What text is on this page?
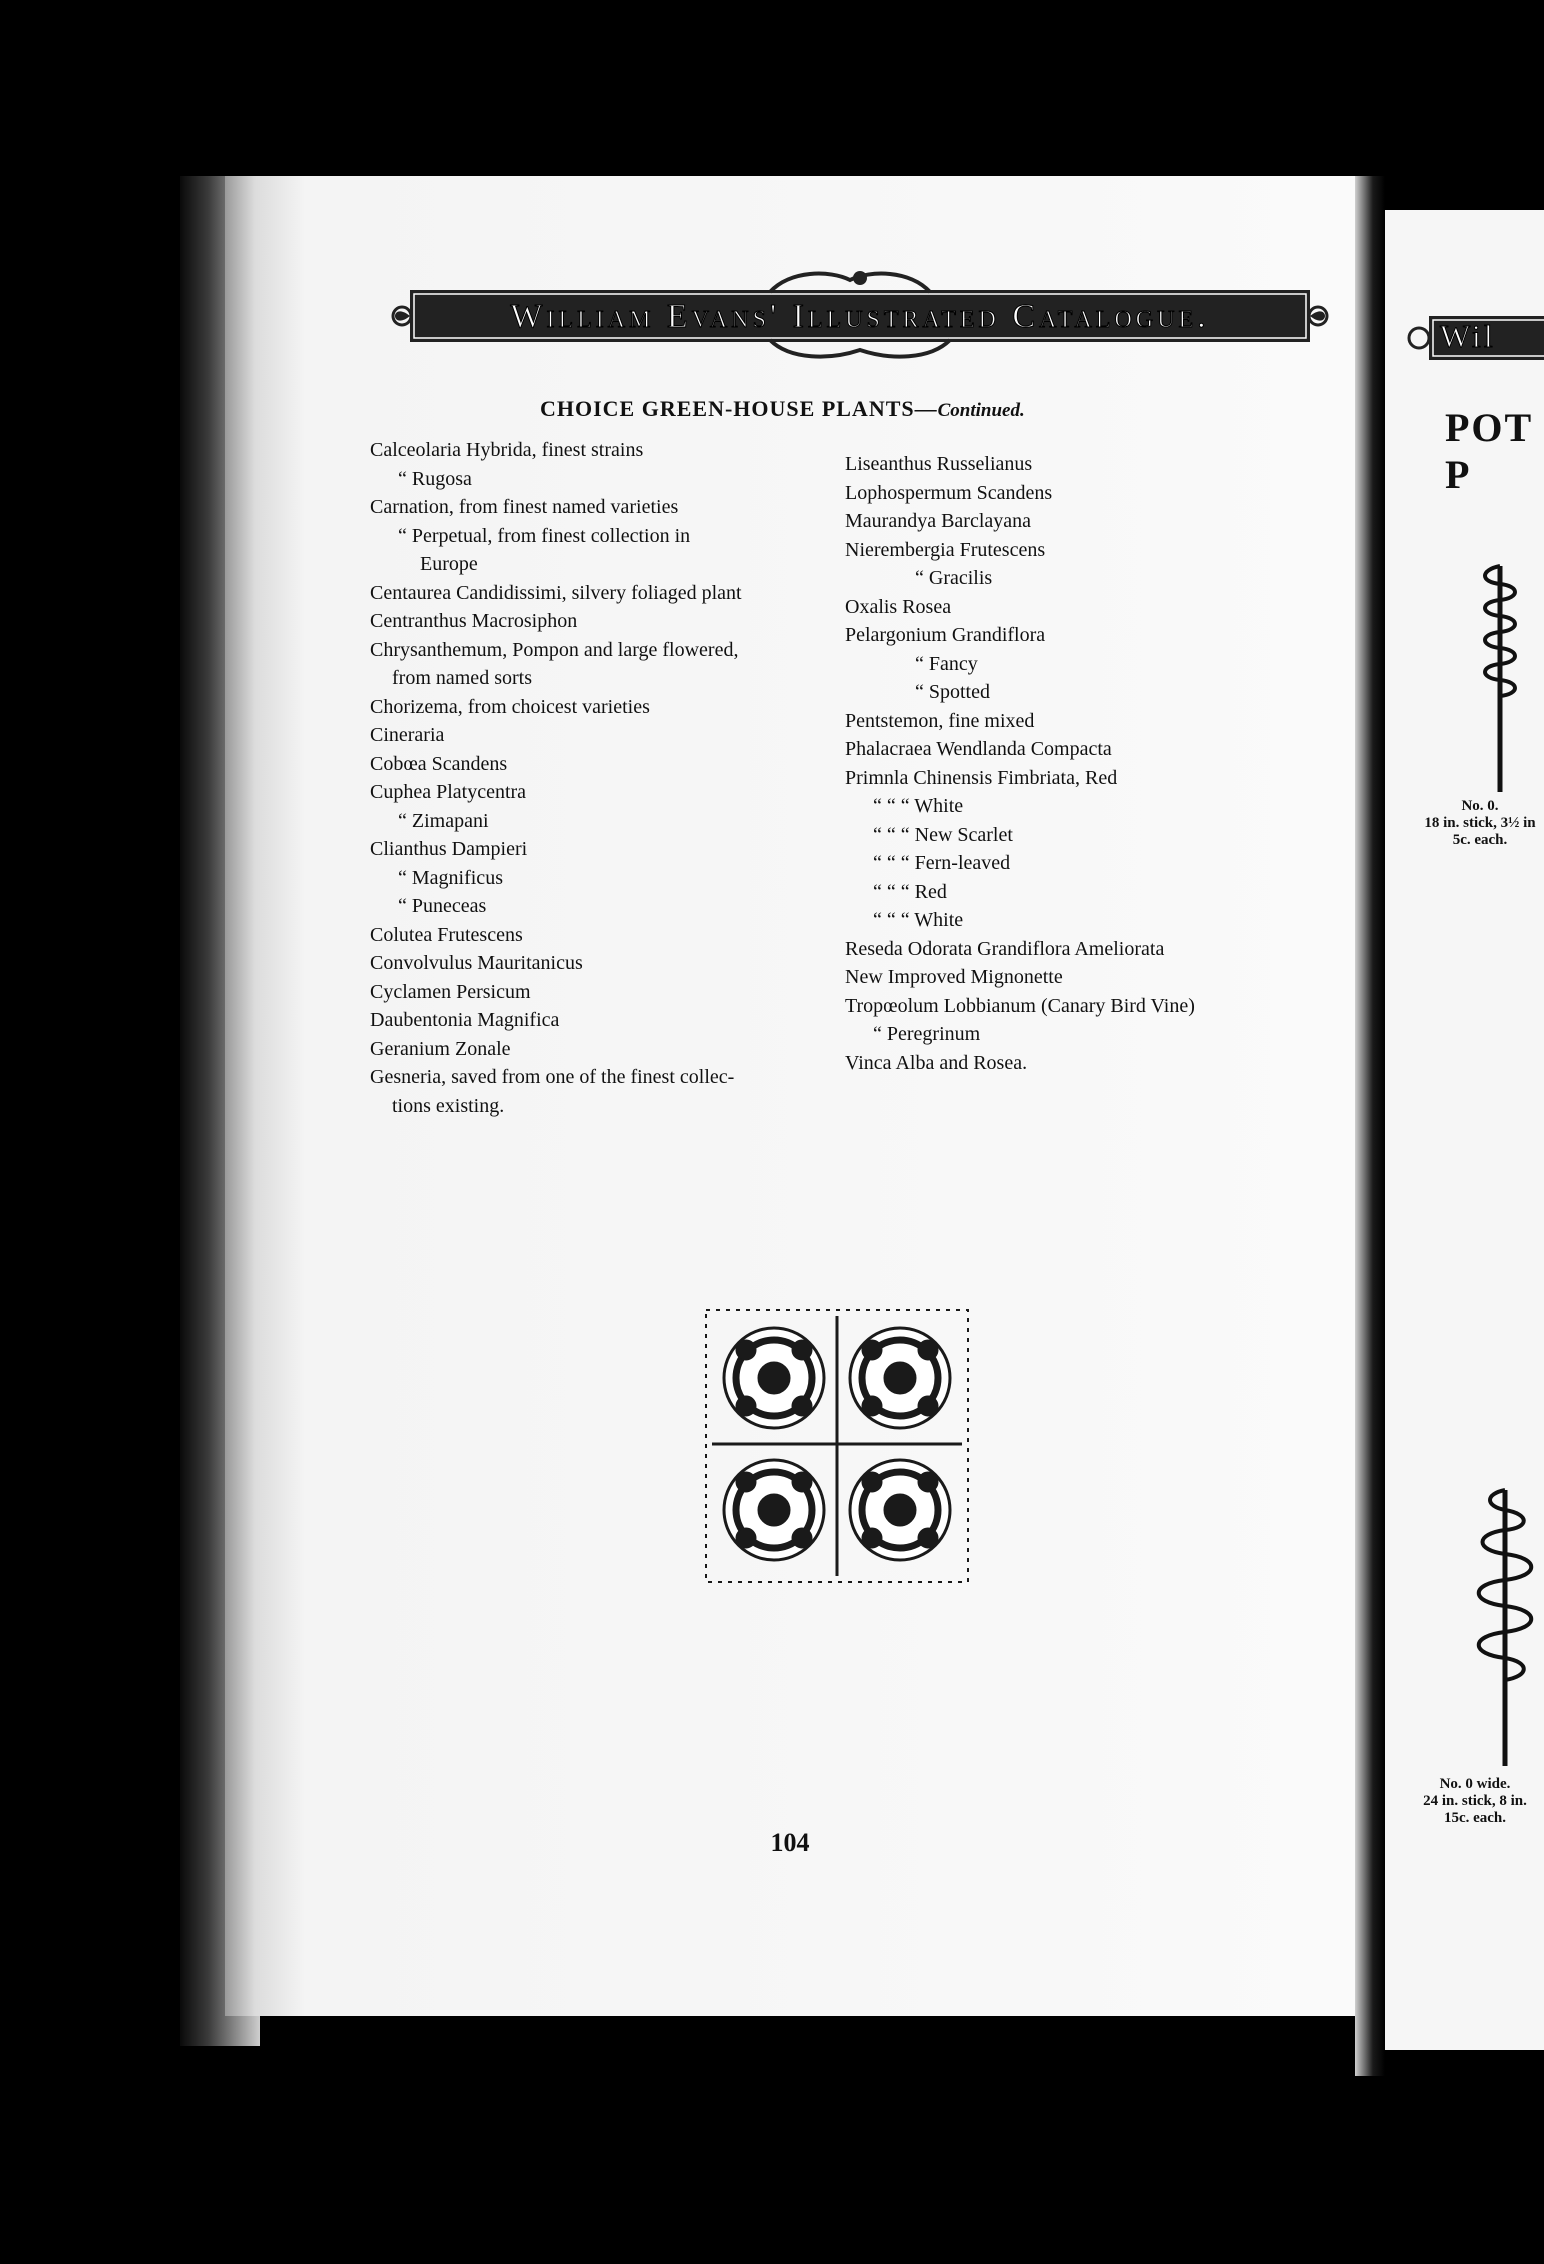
William Evans' Illustrated Catalogue.
CHOICE GREEN-HOUSE PLANTS—Continued.
Calceolaria Hybrida, finest strains
“ Rugosa
Carnation, from finest named varieties
“ Perpetual, from finest collection in
Europe
Centaurea Candidissimi, silvery foliaged plant
Centranthus Macrosiphon
Chrysanthemum, Pompon and large flowered,
from named sorts
Chorizema, from choicest varieties
Cineraria
Cobœa Scandens
Cuphea Platycentra
“ Zimapani
Clianthus Dampieri
“ Magnificus
“ Puneceas
Colutea Frutescens
Convolvulus Mauritanicus
Cyclamen Persicum
Daubentonia Magnifica
Geranium Zonale
Gesneria, saved from one of the finest collec-
tions existing.
Liseanthus Russelianus
Lophospermum Scandens
Maurandya Barclayana
Nierembergia Frutescens
“ Gracilis
Oxalis Rosea
Pelargonium Grandiflora
“ Fancy
“ Spotted
Pentstemon, fine mixed
Phalacraea Wendlanda Compacta
Primnla Chinensis Fimbriata, Red
“ “ “ White
“ “ “ New Scarlet
“ “ “ Fern-leaved
“ “ “ Red
“ “ “ White
Reseda Odorata Grandiflora Ameliorata
New Improved Mignonette
Tropœolum Lobbianum (Canary Bird Vine)
“ Peregrinum
Vinca Alba and Rosea.
104
Wil
POT P
No. 0.
18 in. stick, 3½ in
5c. each.
No. 0 wide.
24 in. stick, 8 in.
15c. each.
